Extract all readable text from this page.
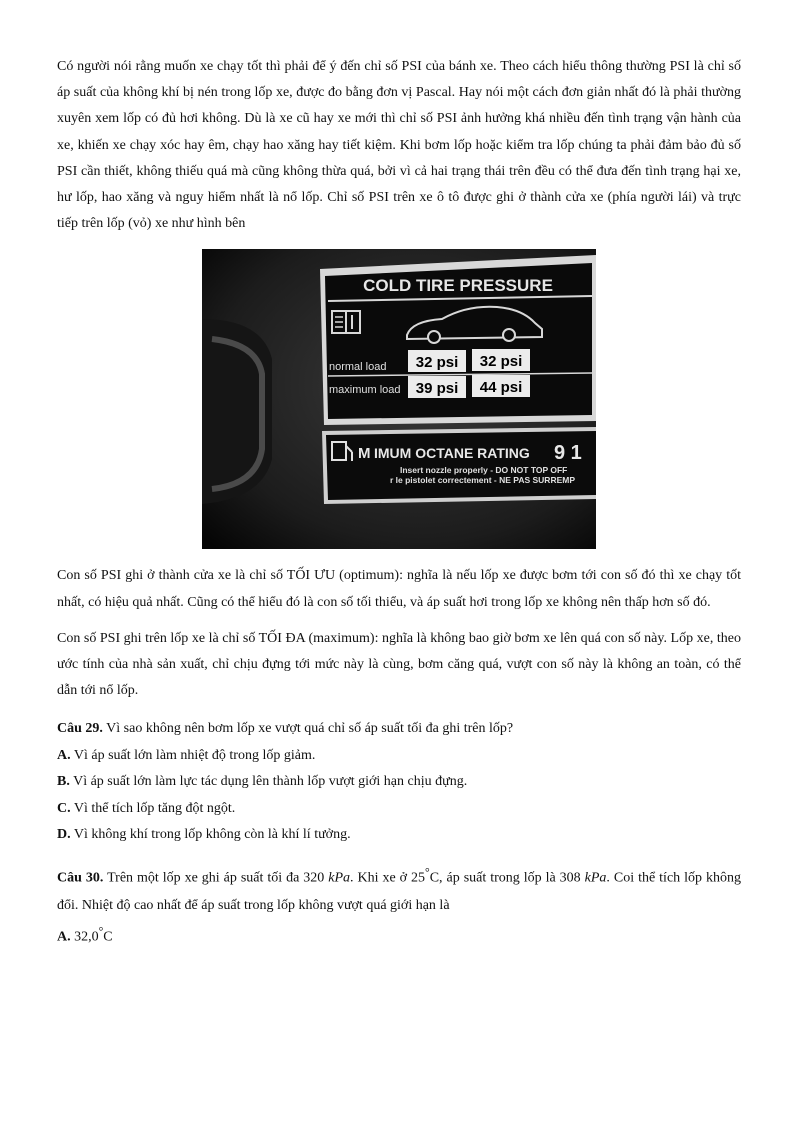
Có người nói rằng muốn xe chạy tốt thì phải để ý đến chỉ số PSI của bánh xe. Theo cách hiểu thông thường PSI là chỉ số áp suất của không khí bị nén trong lốp xe, được đo bằng đơn vị Pascal. Hay nói một cách đơn giản nhất đó là phải thường xuyên xem lốp có đủ hơi không. Dù là xe cũ hay xe mới thì chỉ số PSI ảnh hưởng khá nhiều đến tình trạng vận hành của xe, khiến xe chạy xóc hay êm, chạy hao xăng hay tiết kiệm. Khi bơm lốp hoặc kiểm tra lốp chúng ta phải đảm bảo đủ số PSI cần thiết, không thiếu quá mà cũng không thừa quá, bởi vì cả hai trạng thái trên đều có thể đưa đến tình trạng hại xe, hư lốp, hao xăng và nguy hiểm nhất là nổ lốp. Chỉ số PSI trên xe ô tô được ghi ở thành cửa xe (phía người lái) và trực tiếp trên lốp (vỏ) xe như hình bên

COLD TIRE PRESSURE
normal load
maximum load
32 psi 32 psi
39 psi 44 psi
M IMUM OCTANE RATING 9 1
Insert nozzle properly - DO NOT TOP OFF
r le pistolet correctement - NE PAS SURREMP

Con số PSI ghi ở thành cửa xe là chỉ số TỐI ƯU (optimum): nghĩa là nếu lốp xe được bơm tới con số đó thì xe chạy tốt nhất, có hiệu quả nhất. Cũng có thể hiểu đó là con số tối thiểu, và áp suất hơi trong lốp xe không nên thấp hơn số đó.

Con số PSI ghi trên lốp xe là chỉ số TỐI ĐA (maximum): nghĩa là không bao giờ bơm xe lên quá con số này. Lốp xe, theo ước tính của nhà sản xuất, chỉ chịu đựng tới mức này là cùng, bơm căng quá, vượt con số này là không an toàn, có thể dẫn tới nổ lốp.

Câu 29. Vì sao không nên bơm lốp xe vượt quá chỉ số áp suất tối đa ghi trên lốp?

A. Vì áp suất lớn làm nhiệt độ trong lốp giảm.

B. Vì áp suất lớn làm lực tác dụng lên thành lốp vượt giới hạn chịu đựng.

C. Vì thể tích lốp tăng đột ngột.

D. Vì không khí trong lốp không còn là khí lí tưởng.

Câu 30. Trên một lốp xe ghi áp suất tối đa 320 kPa. Khi xe ở 25°C, áp suất trong lốp là 308 kPa. Coi thể tích lốp không đổi. Nhiệt độ cao nhất để áp suất trong lốp không vượt quá giới hạn là

A. 32,0°C
